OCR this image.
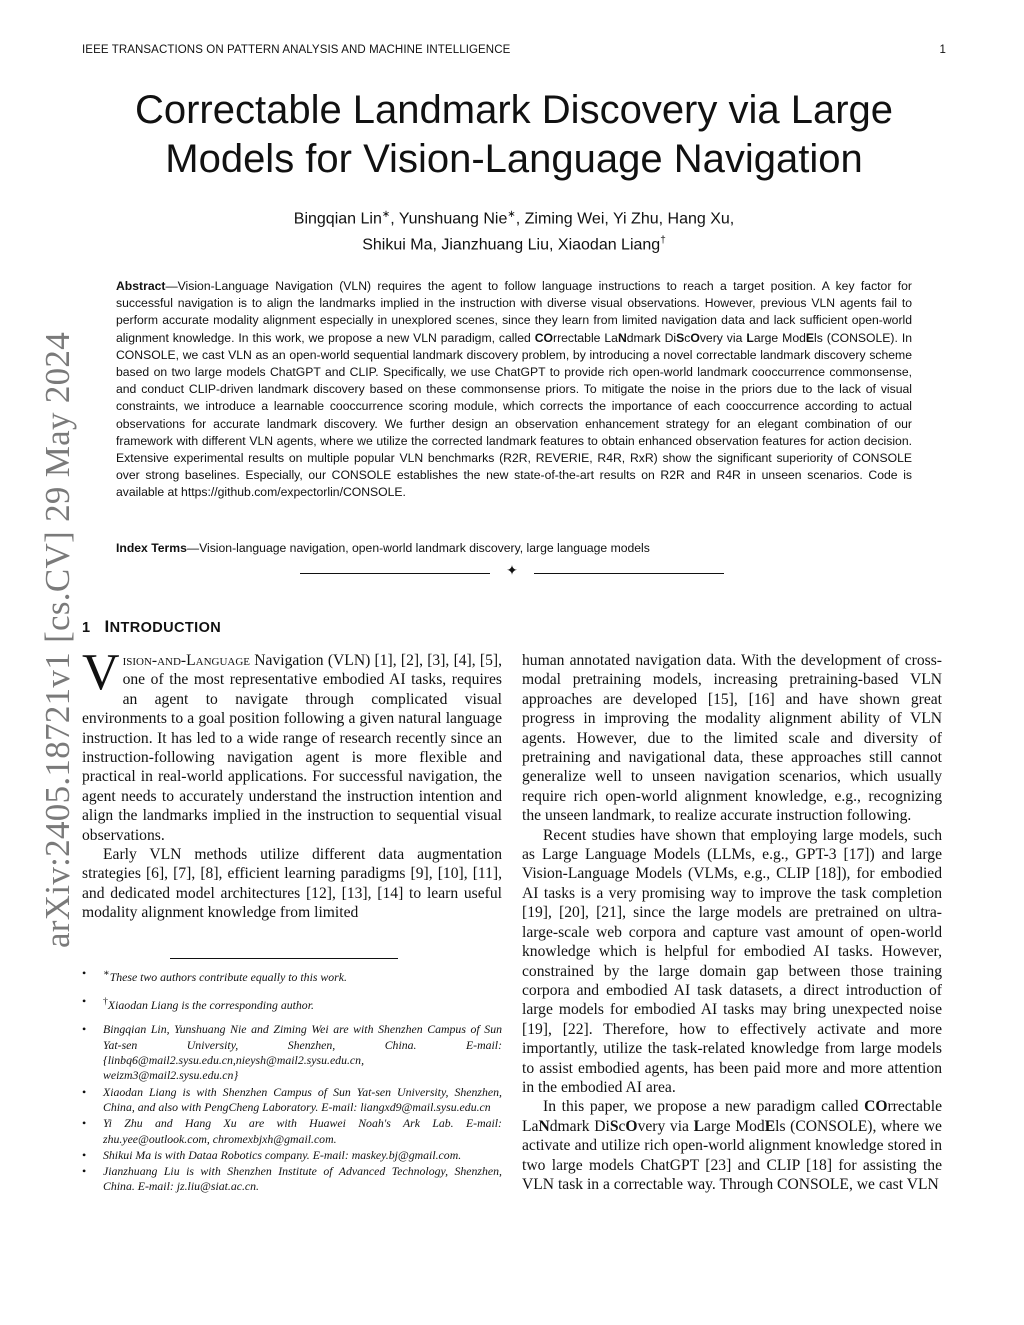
IEEE TRANSACTIONS ON PATTERN ANALYSIS AND MACHINE INTELLIGENCE	1
arXiv:2405.18721v1 [cs.CV] 29 May 2024
Correctable Landmark Discovery via Large
Models for Vision-Language Navigation
Bingqian Lin∗, Yunshuang Nie∗, Ziming Wei, Yi Zhu, Hang Xu,
Shikui Ma, Jianzhuang Liu, Xiaodan Liang†
Abstract—Vision-Language Navigation (VLN) requires the agent to follow language instructions to reach a target position. A key factor for successful navigation is to align the landmarks implied in the instruction with diverse visual observations. However, previous VLN agents fail to perform accurate modality alignment especially in unexplored scenes, since they learn from limited navigation data and lack sufficient open-world alignment knowledge. In this work, we propose a new VLN paradigm, called COrrectable LaNdmark DiScOvery via Large ModEls (CONSOLE). In CONSOLE, we cast VLN as an open-world sequential landmark discovery problem, by introducing a novel correctable landmark discovery scheme based on two large models ChatGPT and CLIP. Specifically, we use ChatGPT to provide rich open-world landmark cooccurrence commonsense, and conduct CLIP-driven landmark discovery based on these commonsense priors. To mitigate the noise in the priors due to the lack of visual constraints, we introduce a learnable cooccurrence scoring module, which corrects the importance of each cooccurrence according to actual observations for accurate landmark discovery. We further design an observation enhancement strategy for an elegant combination of our framework with different VLN agents, where we utilize the corrected landmark features to obtain enhanced observation features for action decision. Extensive experimental results on multiple popular VLN benchmarks (R2R, REVERIE, R4R, RxR) show the significant superiority of CONSOLE over strong baselines. Especially, our CONSOLE establishes the new state-of-the-art results on R2R and R4R in unseen scenarios. Code is available at https://github.com/expectorlin/CONSOLE.
Index Terms—Vision-language navigation, open-world landmark discovery, large language models
✦
1 INTRODUCTION

Vision-and-Language Navigation (VLN) [1], [2], [3], [4], [5], one of the most representative embodied AI tasks, requires an agent to navigate through complicated visual environments to a goal position following a given natural language instruction. It has led to a wide range of research recently since an instruction-following navigation agent is more flexible and practical in real-world applications. For successful navigation, the agent needs to accurately understand the instruction intention and align the landmarks implied in the instruction to sequential visual observations.

Early VLN methods utilize different data augmentation strategies [6], [7], [8], efficient learning paradigms [9], [10], [11], and dedicated model architectures [12], [13], [14] to learn useful modality alignment knowledge from limited

• ∗These two authors contribute equally to this work.
• †Xiaodan Liang is the corresponding author.
• Bingqian Lin, Yunshuang Nie and Ziming Wei are with Shenzhen Campus of Sun Yat-sen University, Shenzhen, China. E-mail:{linbq6@mail2.sysu.edu.cn,nieysh@mail2.sysu.edu.cn, weizm3@mail2.sysu.edu.cn}
• Xiaodan Liang is with Shenzhen Campus of Sun Yat-sen University, Shenzhen, China, and also with PengCheng Laboratory. E-mail: liangxd9@mail.sysu.edu.cn
• Yi Zhu and Hang Xu are with Huawei Noah's Ark Lab. E-mail: zhu.yee@outlook.com, chromexbjxh@gmail.com.
• Shikui Ma is with Dataa Robotics company. E-mail: maskey.bj@gmail.com.
• Jianzhuang Liu is with Shenzhen Institute of Advanced Technology, Shenzhen, China. E-mail: jz.liu@siat.ac.cn.

human annotated navigation data. With the development of cross-modal pretraining models, increasing pretraining-based VLN approaches are developed [15], [16] and have shown great progress in improving the modality alignment ability of VLN agents. However, due to the limited scale and diversity of pretraining and navigational data, these approaches still cannot generalize well to unseen navigation scenarios, which usually require rich open-world alignment knowledge, e.g., recognizing the unseen landmark, to realize accurate instruction following.

Recent studies have shown that employing large models, such as Large Language Models (LLMs, e.g., GPT-3 [17]) and large Vision-Language Models (VLMs, e.g., CLIP [18]), for embodied AI tasks is a very promising way to improve the task completion [19], [20], [21], since the large models are pretrained on ultra-large-scale web corpora and capture vast amount of open-world knowledge which is helpful for embodied AI tasks. However, constrained by the large domain gap between those training corpora and embodied AI task datasets, a direct introduction of large models for embodied AI tasks may bring unexpected noise [19], [22]. Therefore, how to effectively activate and more importantly, utilize the task-related knowledge from large models to assist embodied agents, has been paid more and more attention in the embodied AI area.

In this paper, we propose a new paradigm called COrrectable LaNdmark DiScOvery via Large ModEls (CONSOLE), where we activate and utilize rich open-world alignment knowledge stored in two large models ChatGPT [23] and CLIP [18] for assisting the VLN task in a correctable way. Through CONSOLE, we cast VLN
